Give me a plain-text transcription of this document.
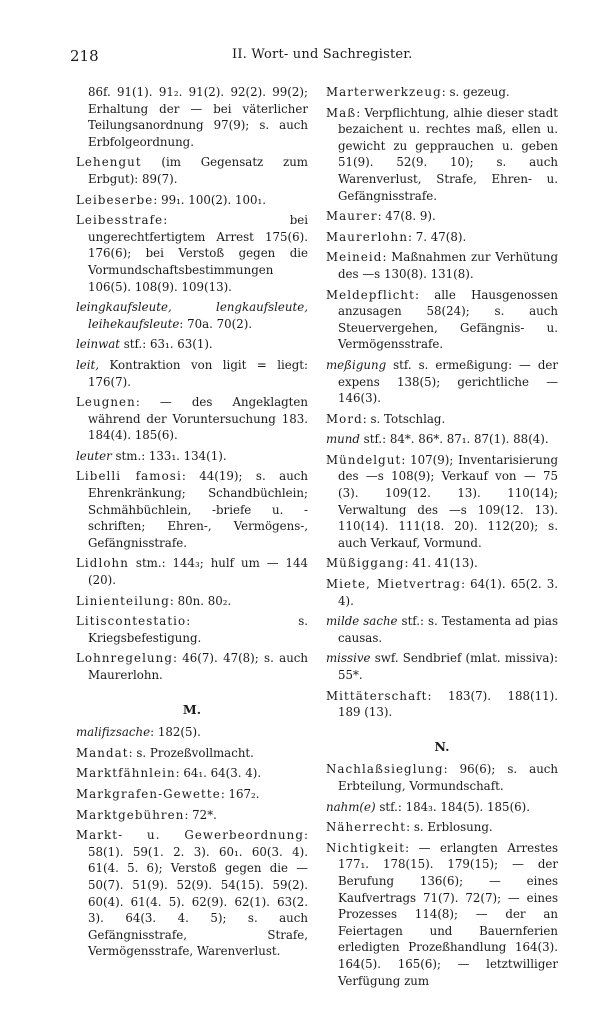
218	II. Wort- und Sachregister.

86f. 91(1). 91₂. 91(2). 92(2). 99(2); Erhaltung der — bei väterlicher Teilungsanordnung 97(9); s. auch Erbfolgeordnung.

Lehengut (im Gegensatz zum Erbgut): 89(7).

Leibeserbe: 99₁. 100(2). 100₁.

Leibesstrafe: bei ungerechtfertigtem Arrest 175(6). 176(6); bei Verstoß gegen die Vormundschaftsbestimmungen 106(5). 108(9). 109(13).

leingkaufsleute, lengkaufsleute, leihekaufsleute: 70a. 70(2).

leinwat stf.: 63₁. 63(1).

leit, Kontraktion von ligit = liegt: 176(7).

Leugnen: — des Angeklagten während der Voruntersuchung 183. 184(4). 185(6).

leuter stm.: 133₁. 134(1).

Libelli famosi: 44(19); s. auch Ehrenkränkung; Schandbüchlein; Schmähbüchlein, -briefe u. -schriften; Ehren-, Vermögens-, Gefängnisstrafe.

Lidlohn stm.: 144₃; hulf um — 144 (20).

Linienteilung: 80n. 80₂.

Litiscontestatio: s. Kriegsbefestigung.

Lohnregelung: 46(7). 47(8); s. auch Maurerlohn.

M.

malifizsache: 182(5).

Mandat: s. Prozeßvollmacht.

Marktfähnlein: 64₁. 64(3. 4).

Markgrafen-Gewette: 167₂.

Marktgebühren: 72*.

Markt- u. Gewerbeordnung: 58(1). 59(1. 2. 3). 60₁. 60(3. 4). 61(4. 5. 6); Verstoß gegen die — 50(7). 51(9). 52(9). 54(15). 59(2). 60(4). 61(4. 5). 62(9). 62(1). 63(2. 3). 64(3. 4. 5); s. auch Gefängnisstrafe, Strafe, Vermögensstrafe, Warenverlust.

Marterwerkzeug: s. gezeug.

Maß: Verpflichtung, alhie dieser stadt bezaichent u. rechtes maß, ellen u. gewicht zu gepprauchen u. geben 51(9). 52(9. 10); s. auch Warenverlust, Strafe, Ehren- u. Gefängnisstrafe.

Maurer: 47(8. 9).

Maurerlohn: 7. 47(8).

Meineid: Maßnahmen zur Verhütung des —s 130(8). 131(8).

Meldepflicht: alle Hausgenossen anzusagen 58(24); s. auch Steuervergehen, Gefängnis- u. Vermögensstrafe.

meßigung stf. s. ermeßigung: — der expens 138(5); gerichtliche — 146(3).

Mord: s. Totschlag.

mund stf.: 84*. 86*. 87₁. 87(1). 88(4).

Mündelgut: 107(9); Inventarisierung des —s 108(9); Verkauf von — 75 (3). 109(12. 13). 110(14); Verwaltung des —s 109(12. 13). 110(14). 111(18. 20). 112(20); s. auch Verkauf, Vormund.

Müßiggang: 41. 41(13).

Miete, Mietvertrag: 64(1). 65(2. 3. 4).

milde sache stf.: s. Testamenta ad pias causas.

missive swf. Sendbrief (mlat. missiva): 55*.

Mittäterschaft: 183(7). 188(11). 189 (13).

N.

Nachlaßsieglung: 96(6); s. auch Erbteilung, Vormundschaft.

nahm(e) stf.: 184₃. 184(5). 185(6).

Näherrecht: s. Erblosung.

Nichtigkeit: — erlangten Arrestes 177₁. 178(15). 179(15); — der Berufung 136(6); — eines Kaufvertrags 71(7). 72(7); — eines Prozesses 114(8); — der an Feiertagen und Bauernferien erledigten Prozeßhandlung 164(3). 164(5). 165(6); — letztwilliger Verfügung zum
